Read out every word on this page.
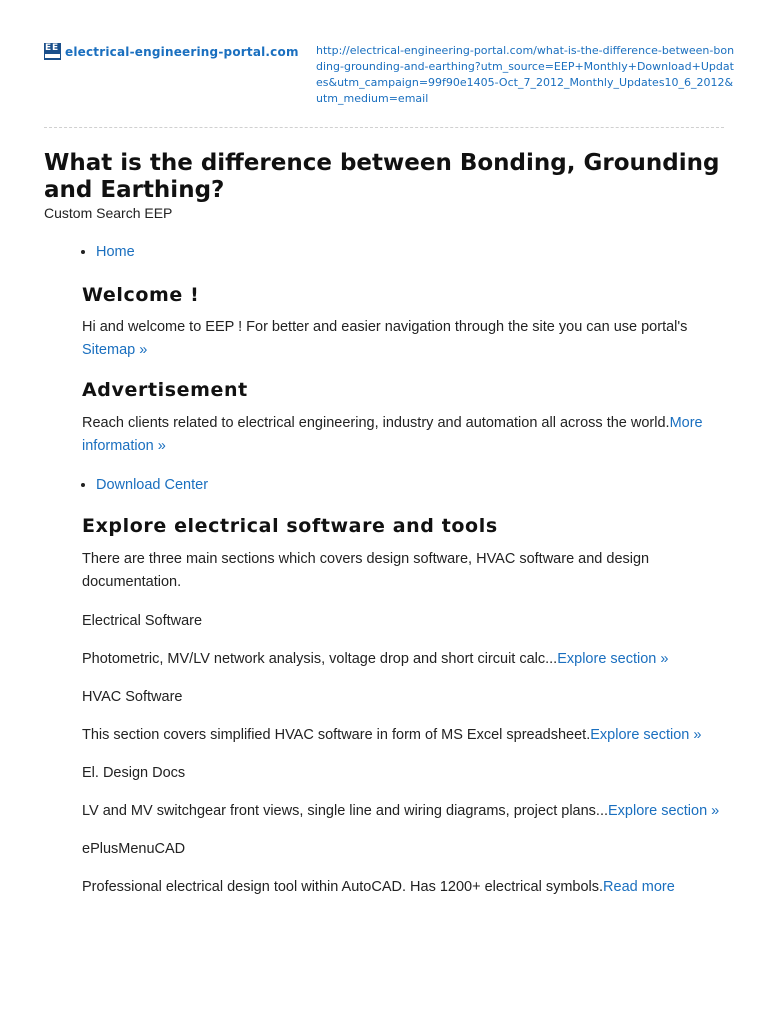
E E electrical-engineering-portal.com http://electrical-engineering-portal.com/what-is-the-difference-between-bonding-grounding-and-earthing?utm_source=EEP+Monthly+Download+Updates&utm_campaign=99f90e1405-Oct_7_2012_Monthly_Updates10_6_2012&utm_medium=email
What is the difference between Bonding, Grounding and Earthing?
Custom Search EEP
• Home
Welcome !

Hi and welcome to EEP ! For better and easier navigation through the site you can use portal's Sitemap »

Advertisement

Reach clients related to electrical engineering, industry and automation all across the world.More information »

• Download Center
Explore electrical software and tools

There are three main sections which covers design software, HVAC software and design documentation.

Electrical Software

Photometric, MV/LV network analysis, voltage drop and short circuit calc...Explore section »

HVAC Software

This section covers simplified HVAC software in form of MS Excel spreadsheet.Explore section »

El. Design Docs

LV and MV switchgear front views, single line and wiring diagrams, project plans...Explore section »

ePlusMenuCAD

Professional electrical design tool within AutoCAD. Has 1200+ electrical symbols.Read more
